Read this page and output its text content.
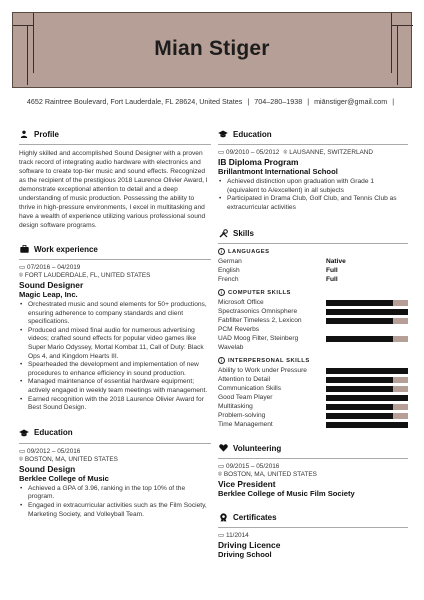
Mian Stiger
4652 Raintree Boulevard, Fort Lauderdale, FL 28624, United States | 704–280–1938 | miānstiger@gmail.com |
Profile
Highly skilled and accomplished Sound Designer with a proven track record of integrating audio hardware with electronics and software to create top-tier music and sound effects. Recognized as the recipient of the prestigious 2018 Laurence Olivier Award, I demonstrate exceptional attention to detail and a deep understanding of music production. Possessing the ability to thrive in high-pressure environments, I excel in multitasking and have a wealth of experience utilizing various professional sound design software programs.
Work experience
▭ 07/2016 – 04/2019
⌾ FORT LAUDERDALE, FL, UNITED STATES
Sound Designer
Magic Leap, Inc.
• Orchestrated music and sound elements for 50+ productions, ensuring adherence to company standards and client specifications.
• Produced and mixed final audio for numerous advertising videos; crafted sound effects for popular video games like Super Mario Odyssey, Mortal Kombat 11, Call of Duty: Black Ops 4, and Kingdom Hearts III.
• Spearheaded the development and implementation of new procedures to enhance efficiency in sound production.
• Managed maintenance of essential hardware equipment; actively engaged in weekly team meetings with management.
• Earned recognition with the 2018 Laurence Olivier Award for Best Sound Design.
Education
▭ 09/2012 – 05/2016
⌾ BOSTON, MA, UNITED STATES
Sound Design
Berklee College of Music
• Achieved a GPA of 3.96, ranking in the top 10% of the program.
• Engaged in extracurricular activities such as the Film Society, Marketing Society, and Volleyball Team.
Education
▭ 09/2010 – 05/2012 ⌾ LAUSANNE, SWITZERLAND
IB Diploma Program
Brillantmont International School
• Achieved distinction upon graduation with Grade 1 (equivalent to A/excellent) in all subjects
• Participated in Drama Club, Golf Club, and Tennis Club as extracurricular activities
Skills
i LANGUAGES
German	Native
English	Full
French	Full
i COMPUTER SKILLS
Microsoft Office
Spectrasonics Omnisphere
Fabfilter Timeless 2, Lexicon PCM Reverbs
UAD Moog Filter, Steinberg Wavelab
i INTERPERSONAL SKILLS
Ability to Work under Pressure
Attention to Detail
Communication Skills
Good Team Player
Multitasking
Problem-solving
Time Management
Volunteering
▭ 09/2015 – 05/2016
⌾ BOSTON, MA, UNITED STATES
Vice President
Berklee College of Music Film Society
Certificates
▭ 11/2014
Driving Licence
Driving School
